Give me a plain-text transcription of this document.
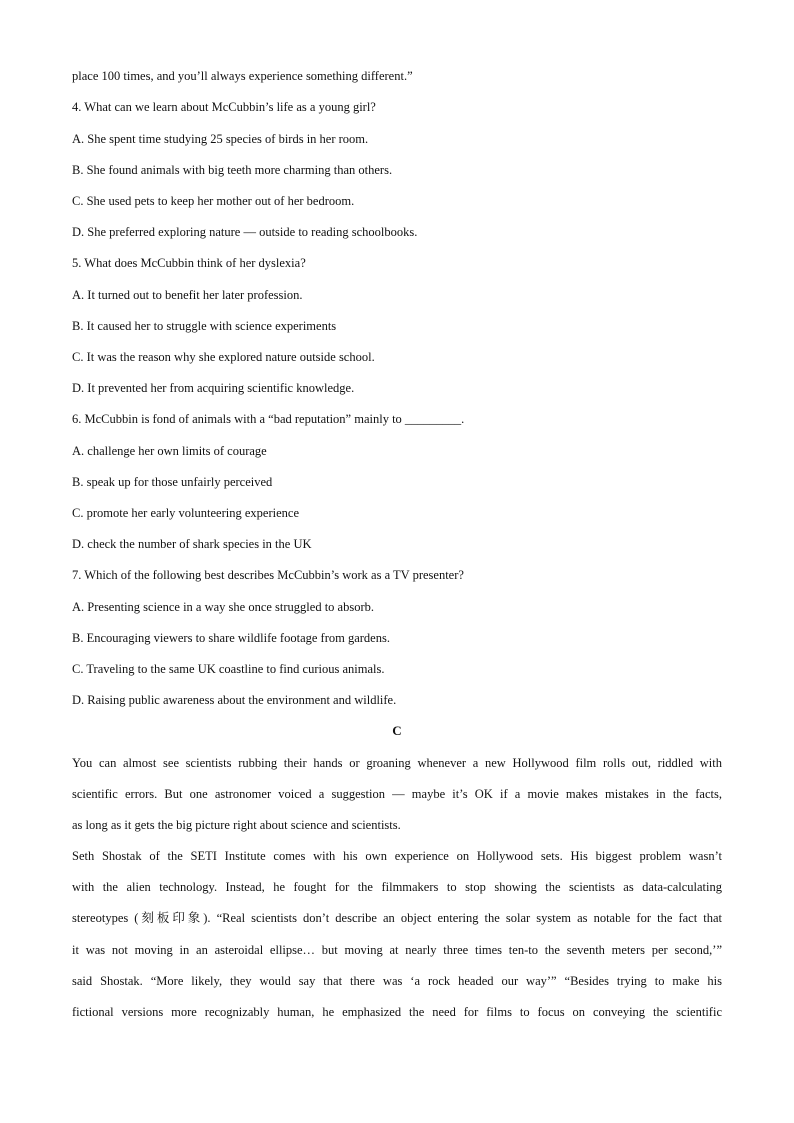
place 100 times, and you’ll always experience something different.”
4. What can we learn about McCubbin’s life as a young girl?
A. She spent time studying 25 species of birds in her room.
B. She found animals with big teeth more charming than others.
C. She used pets to keep her mother out of her bedroom.
D. She preferred exploring nature — outside to reading schoolbooks.
5. What does McCubbin think of her dyslexia?
A. It turned out to benefit her later profession.
B. It caused her to struggle with science experiments
C. It was the reason why she explored nature outside school.
D. It prevented her from acquiring scientific knowledge.
6. McCubbin is fond of animals with a “bad reputation” mainly to _________.
A. challenge her own limits of courage
B. speak up for those unfairly perceived
C. promote her early volunteering experience
D. check the number of shark species in the UK
7. Which of the following best describes McCubbin’s work as a TV presenter?
A. Presenting science in a way she once struggled to absorb.
B. Encouraging viewers to share wildlife footage from gardens.
C. Traveling to the same UK coastline to find curious animals.
D. Raising public awareness about the environment and wildlife.
C
You can almost see scientists rubbing their hands or groaning whenever a new Hollywood film rolls out, riddled with
scientific errors. But one astronomer voiced a suggestion — maybe it’s OK if a movie makes mistakes in the facts,
as long as it gets the big picture right about science and scientists.
Seth Shostak of the SETI Institute comes with his own experience on Hollywood sets. His biggest problem wasn’t
with the alien technology. Instead, he fought for the filmmakers to stop showing the scientists as data-calculating
stereotypes (刻板印象). “Real scientists don’t describe an object entering the solar system as notable for the fact that
it was not moving in an asteroidal ellipse… but moving at nearly three times ten-to the seventh meters per second,’”
said Shostak. “More likely, they would say that there was ‘a rock headed our way’” “Besides trying to make his
fictional versions more recognizably human, he emphasized the need for films to focus on conveying the scientific
